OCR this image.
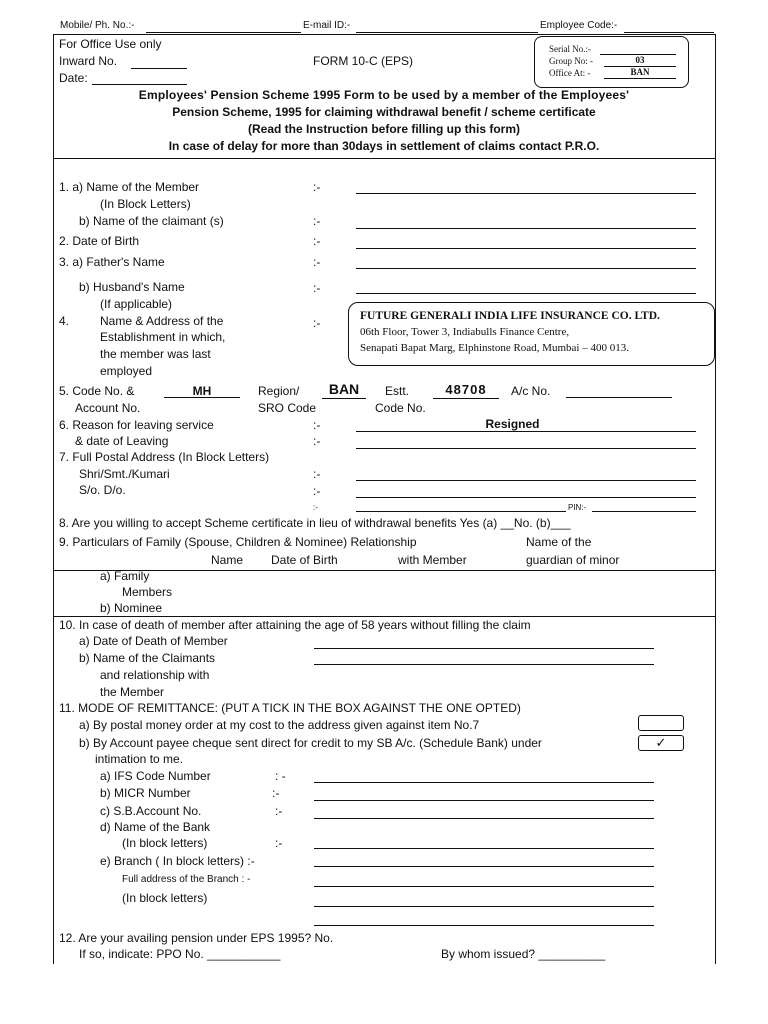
Mobile/ Ph. No.:-	E-mail ID:-	Employee Code:-
For Office Use only
Inward No.
Date:
FORM 10-C (EPS)
Serial No.:-
Group No: -	03
Office At: -	BAN
Employees' Pension Scheme 1995 Form to be used by a member of the Employees'
Pension Scheme, 1995 for claiming withdrawal benefit / scheme certificate
(Read the Instruction before filling up this form)
In case of delay for more than 30days in settlement of claims contact P.R.O.
1. a) Name of the Member	:-
(In Block Letters)
b) Name of the claimant (s)	:-
2. Date of Birth	:-
3. a) Father's Name	:-
b) Husband's Name	:-
(If applicable)
4.	Name & Address of the
Establishment in which,
the member was last
employed
:-	FUTURE GENERALI INDIA LIFE INSURANCE CO. LTD.
06th Floor, Tower 3, Indiabulls Finance Centre,
Senapati Bapat Marg, Elphinstone Road, Mumbai – 400 013.
5. Code No. &	MH	Region/	BAN	Estt.	48708	A/c No.
Account No.	SRO Code	Code No.
6. Reason for leaving service	:-	Resigned
& date of Leaving	:-
7. Full Postal Address (In Block Letters)
Shri/Smt./Kumari	:-
S/o. D/o.	:-
:-	PIN:-
8. Are you willing to accept Scheme certificate in lieu of withdrawal benefits Yes (a) __No. (b)___
9. Particulars of Family (Spouse, Children & Nominee) Relationship	Name of the
Name Date of Birth	with Member	guardian of minor
a) Family
Members
b) Nominee
10. In case of death of member after attaining the age of 58 years without filling the claim
a) Date of Death of Member
b) Name of the Claimants
and relationship with
the Member
11. MODE OF REMITTANCE: (PUT A TICK IN THE BOX AGAINST THE ONE OPTED)
a) By postal money order at my cost to the address given against item No.7
b) By Account payee cheque sent direct for credit to my SB A/c. (Schedule Bank) under	✓
intimation to me.
a) IFS Code Number	: -
b) MICR Number	:-
c) S.B.Account No.	:-
d) Name of the Bank
(In block letters)	:-
e) Branch ( In block letters) :-
Full address of the Branch : -
(In block letters)
12. Are your availing pension under EPS 1995? No.
If so, indicate: PPO No. ___________	By whom issued? __________
